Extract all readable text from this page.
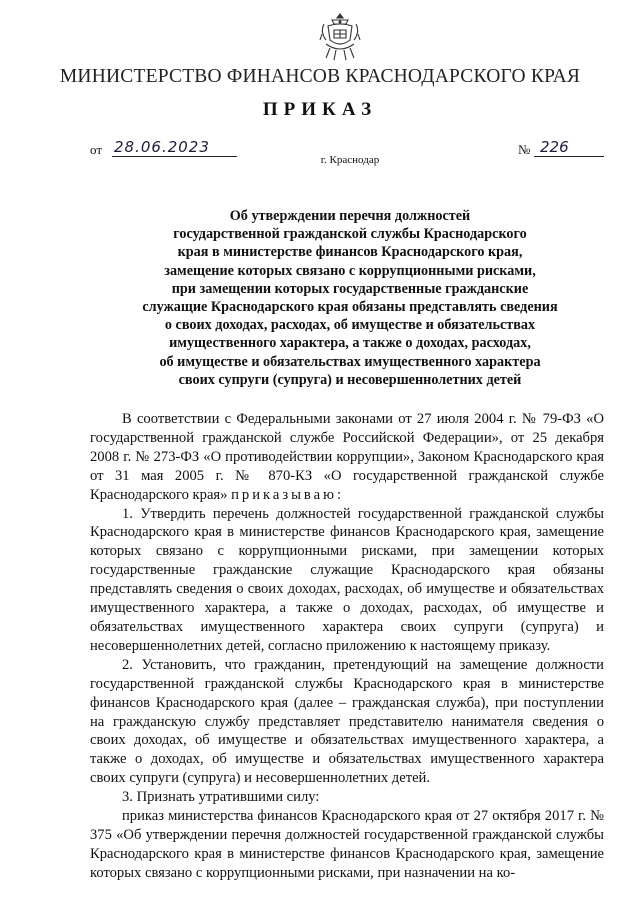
МИНИСТЕРСТВО ФИНАНСОВ КРАСНОДАРСКОГО КРАЯ
ПРИКАЗ
от 28.06.2023	№ 226
г. Краснодар
Об утверждении перечня должностей
государственной гражданской службы Краснодарского
края в министерстве финансов Краснодарского края,
замещение которых связано с коррупционными рисками,
при замещении которых государственные гражданские
служащие Краснодарского края обязаны представлять сведения
о своих доходах, расходах, об имуществе и обязательствах
имущественного характера, а также о доходах, расходах,
об имуществе и обязательствах имущественного характера
своих супруги (супруга) и несовершеннолетних детей

В соответствии с Федеральными законами от 27 июля 2004 г. № 79-ФЗ «О государственной гражданской службе Российской Федерации», от 25 декабря 2008 г. № 273-ФЗ «О противодействии коррупции», Законом Краснодарского края от 31 мая 2005 г. № 870-КЗ «О государственной гражданской службе Краснодарского края» приказываю:

1. Утвердить перечень должностей государственной гражданской службы Краснодарского края в министерстве финансов Краснодарского края, замещение которых связано с коррупционными рисками, при замещении которых государственные гражданские служащие Краснодарского края обязаны представлять сведения о своих доходах, расходах, об имуществе и обязательствах имущественного характера, а также о доходах, расходах, об имуществе и обязательствах имущественного характера своих супруги (супруга) и несовершеннолетних детей, согласно приложению к настоящему приказу.

2. Установить, что гражданин, претендующий на замещение должности государственной гражданской службы Краснодарского края в министерстве финансов Краснодарского края (далее – гражданская служба), при поступлении на гражданскую службу представляет представителю нанимателя сведения о своих доходах, об имуществе и обязательствах имущественного характера, а также о доходах, об имуществе и обязательствах имущественного характера своих супруги (супруга) и несовершеннолетних детей.

3. Признать утратившими силу:

приказ министерства финансов Краснодарского края от 27 октября 2017 г. № 375 «Об утверждении перечня должностей государственной гражданской службы Краснодарского края в министерстве финансов Краснодарского края, замещение которых связано с коррупционными рисками, при назначении на ко-
